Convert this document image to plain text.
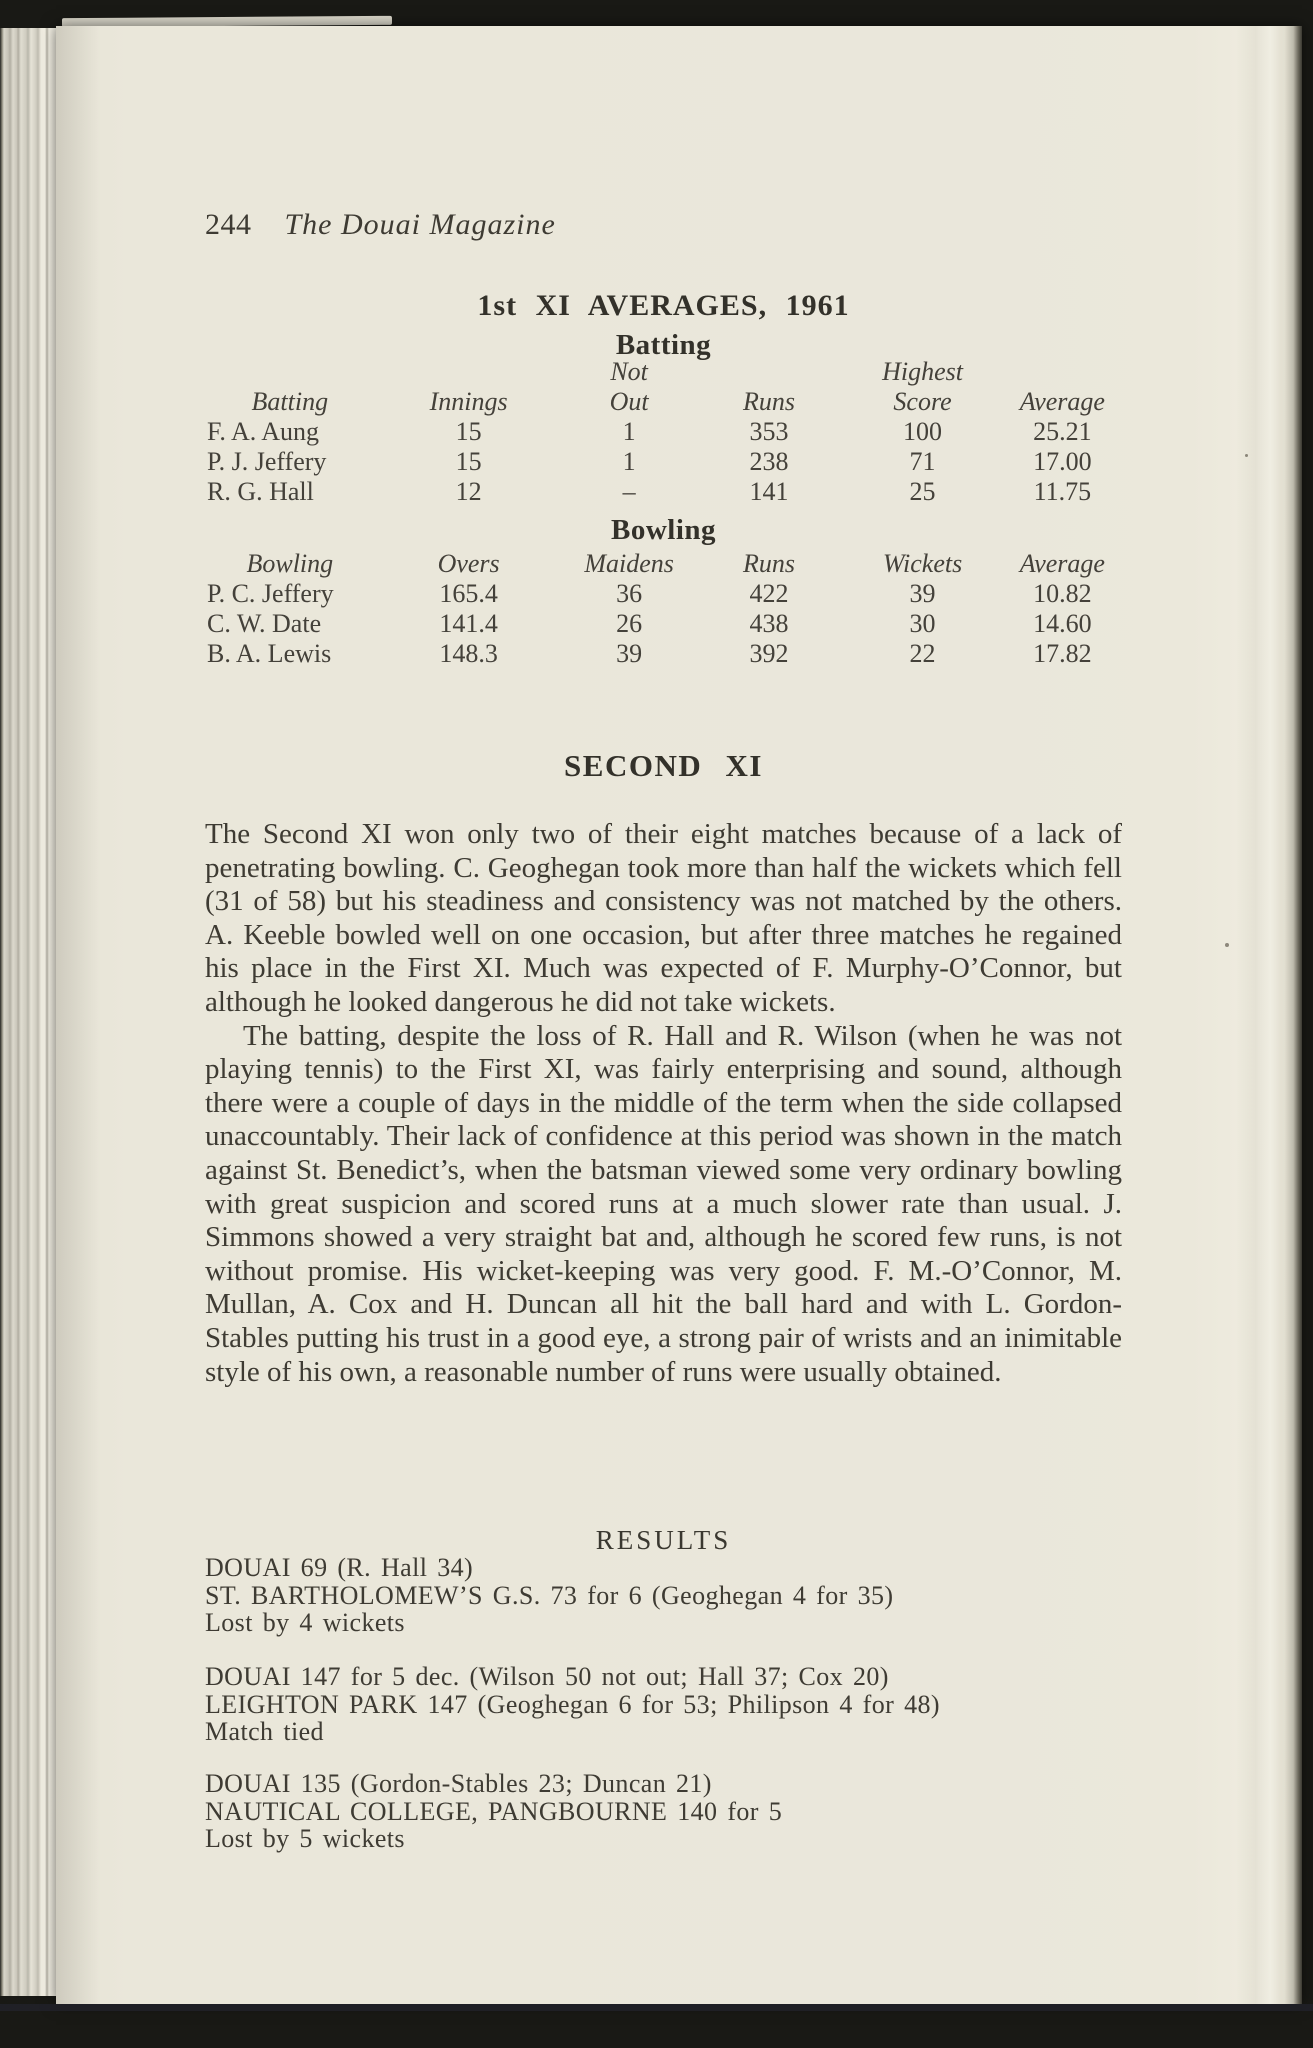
244 The Douai Magazine
1st XI AVERAGES, 1961
Batting
		Not		Highest	
Batting	Innings	Out	Runs	Score	Average
F. A. Aung	15	1	353	100	25.21
P. J. Jeffery	15	1	238	71	17.00
R. G. Hall	12	–	141	25	11.75
Bowling
Bowling	Overs	Maidens	Runs	Wickets	Average
P. C. Jeffery	165.4	36	422	39	10.82
C. W. Date	141.4	26	438	30	14.60
B. A. Lewis	148.3	39	392	22	17.82
SECOND XI

The Second XI won only two of their eight matches because of a lack of penetrating bowling. C. Geoghegan took more than half the wickets which fell (31 of 58) but his steadiness and consistency was not matched by the others. A. Keeble bowled well on one occasion, but after three matches he regained his place in the First XI. Much was expected of F. Murphy-O’Connor, but although he looked dangerous he did not take wickets.

The batting, despite the loss of R. Hall and R. Wilson (when he was not playing tennis) to the First XI, was fairly enterprising and sound, although there were a couple of days in the middle of the term when the side collapsed unaccountably. Their lack of confidence at this period was shown in the match against St. Benedict’s, when the batsman viewed some very ordinary bowling with great suspicion and scored runs at a much slower rate than usual. J. Simmons showed a very straight bat and, although he scored few runs, is not without promise. His wicket-keeping was very good. F. M.-O’Connor, M. Mullan, A. Cox and H. Duncan all hit the ball hard and with L. Gordon-Stables putting his trust in a good eye, a strong pair of wrists and an inimitable style of his own, a reasonable number of runs were usually obtained.

RESULTS
DOUAI 69 (R. Hall 34)
ST. BARTHOLOMEW’S G.S. 73 for 6 (Geoghegan 4 for 35)
Lost by 4 wickets
DOUAI 147 for 5 dec. (Wilson 50 not out; Hall 37; Cox 20)
LEIGHTON PARK 147 (Geoghegan 6 for 53; Philipson 4 for 48)
Match tied
DOUAI 135 (Gordon-Stables 23; Duncan 21)
NAUTICAL COLLEGE, PANGBOURNE 140 for 5
Lost by 5 wickets
